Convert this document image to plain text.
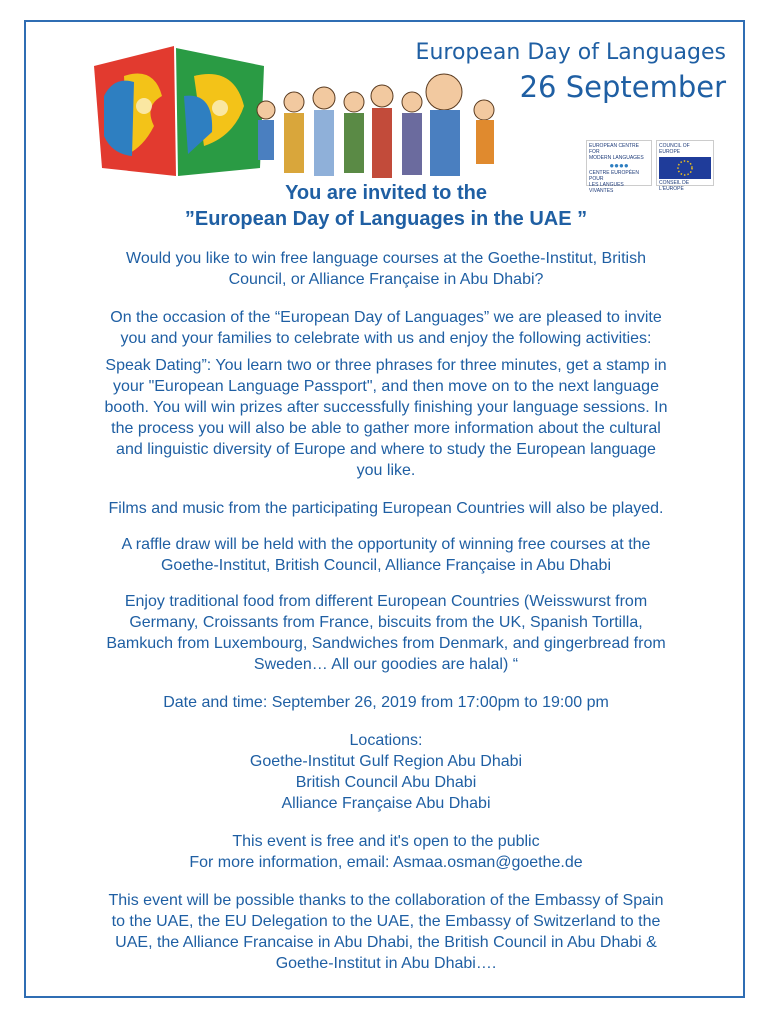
European Day of Languages
26 September
EUROPEAN CENTRE FOR
MODERN LANGUAGES
●●●●
CENTRE EUROPÉEN POUR
LES LANGUES VIVANTES
COUNCIL OF EUROPE
CONSEIL DE L'EUROPE

You are invited to the

”European Day of Languages in the UAE ”

Would you like to win free language courses at the Goethe-Institut, British

Council, or Alliance Française in Abu Dhabi?

On the occasion of the “European Day of Languages” we are pleased to invite

you and your families to celebrate with us and enjoy the following activities:

Speak Dating”: You learn two or three phrases for three minutes, get a stamp in

your "European Language Passport", and then move on to the next language

booth. You will win prizes after successfully finishing your language sessions. In

the process you will also be able to gather more information about the cultural

and linguistic diversity of Europe and where to study the European language

you like.

Films and music from the participating European Countries will also be played.

A raffle draw will be held with the opportunity of winning free courses at the

Goethe-Institut, British Council, Alliance Française in Abu Dhabi

Enjoy traditional food from different European Countries (Weisswurst from

Germany, Croissants from France, biscuits from the UK, Spanish Tortilla,

Bamkuch from Luxembourg, Sandwiches from Denmark, and gingerbread from

Sweden… All our goodies are halal) “

Date and time: September 26, 2019 from 17:00pm to 19:00 pm

Locations:

Goethe-Institut Gulf Region Abu Dhabi

British Council Abu Dhabi

Alliance Française Abu Dhabi

This event is free and it's open to the public

For more information, email: Asmaa.osman@goethe.de

This event will be possible thanks to the collaboration of the Embassy of Spain

to the UAE, the EU Delegation to the UAE, the Embassy of Switzerland to the

UAE, the Alliance Francaise in Abu Dhabi, the British Council in Abu Dhabi &

Goethe-Institut in Abu Dhabi….
